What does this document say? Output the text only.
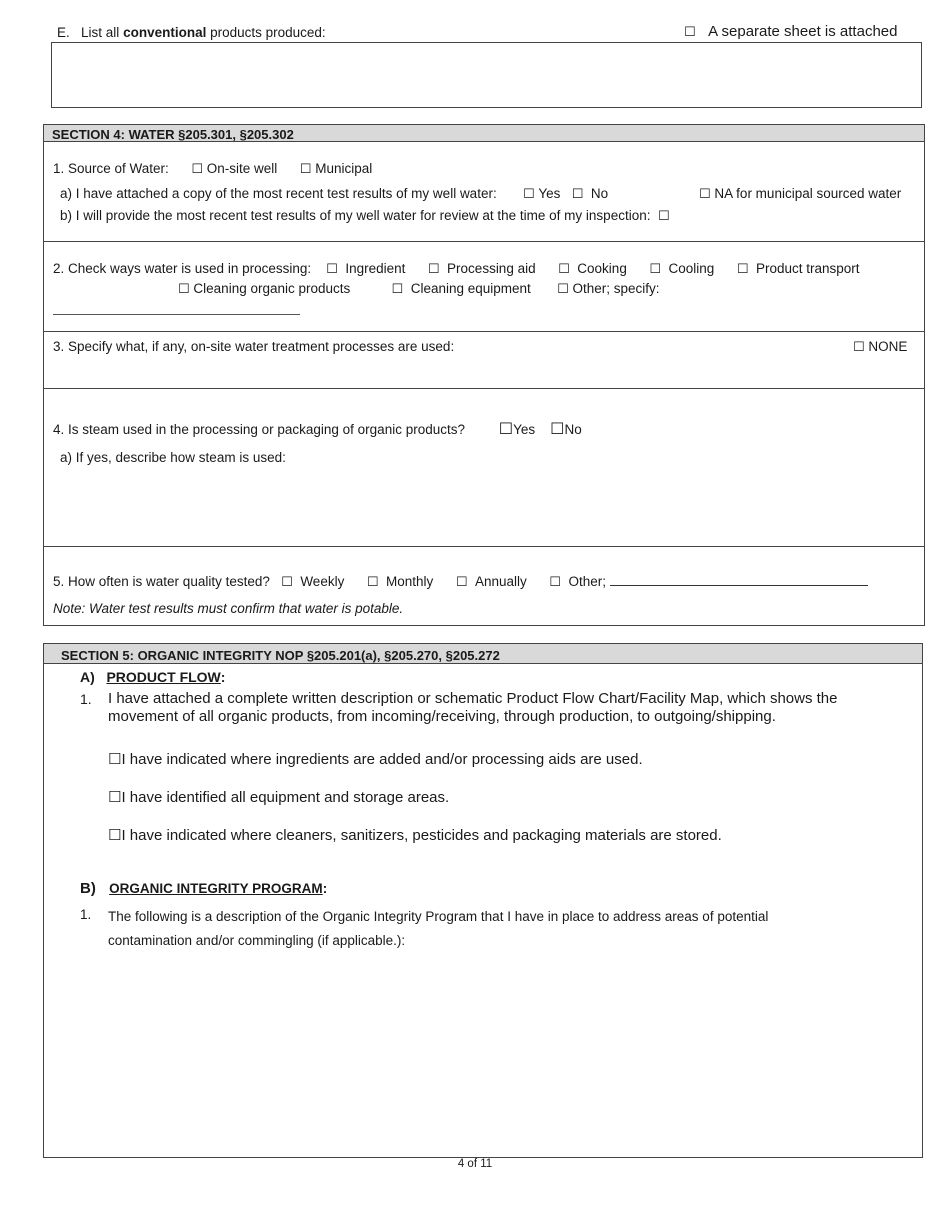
E. List all conventional products produced:	☐ A separate sheet is attached
SECTION 4: WATER §205.301, §205.302
1. Source of Water: ☐ On-site well ☐ Municipal
a) I have attached a copy of the most recent test results of my well water: ☐ Yes ☐ No	☐ NA for municipal sourced water
b) I will provide the most recent test results of my well water for review at the time of my inspection: ☐
2. Check ways water is used in processing: ☐ Ingredient ☐ Processing aid ☐ Cooking ☐ Cooling ☐ Product transport
☐ Cleaning organic products	☐ Cleaning equipment ☐ Other; specify:
3. Specify what, if any, on-site water treatment processes are used:	☐ NONE
4. Is steam used in the processing or packaging of organic products? ☐Yes ☐No
a) If yes, describe how steam is used:
5. How often is water quality tested? ☐ Weekly ☐ Monthly ☐ Annually ☐ Other;
Note: Water test results must confirm that water is potable.
SECTION 5: ORGANIC INTEGRITY NOP §205.201(a), §205.270, §205.272
A) PRODUCT FLOW:
1. I have attached a complete written description or schematic Product Flow Chart/Facility Map, which shows the movement of all organic products, from incoming/receiving, through production, to outgoing/shipping.
☐I have indicated where ingredients are added and/or processing aids are used.
☐I have identified all equipment and storage areas.
☐I have indicated where cleaners, sanitizers, pesticides and packaging materials are stored.
B) ORGANIC INTEGRITY PROGRAM:
1. The following is a description of the Organic Integrity Program that I have in place to address areas of potential contamination and/or commingling (if applicable.):
4 of 11
